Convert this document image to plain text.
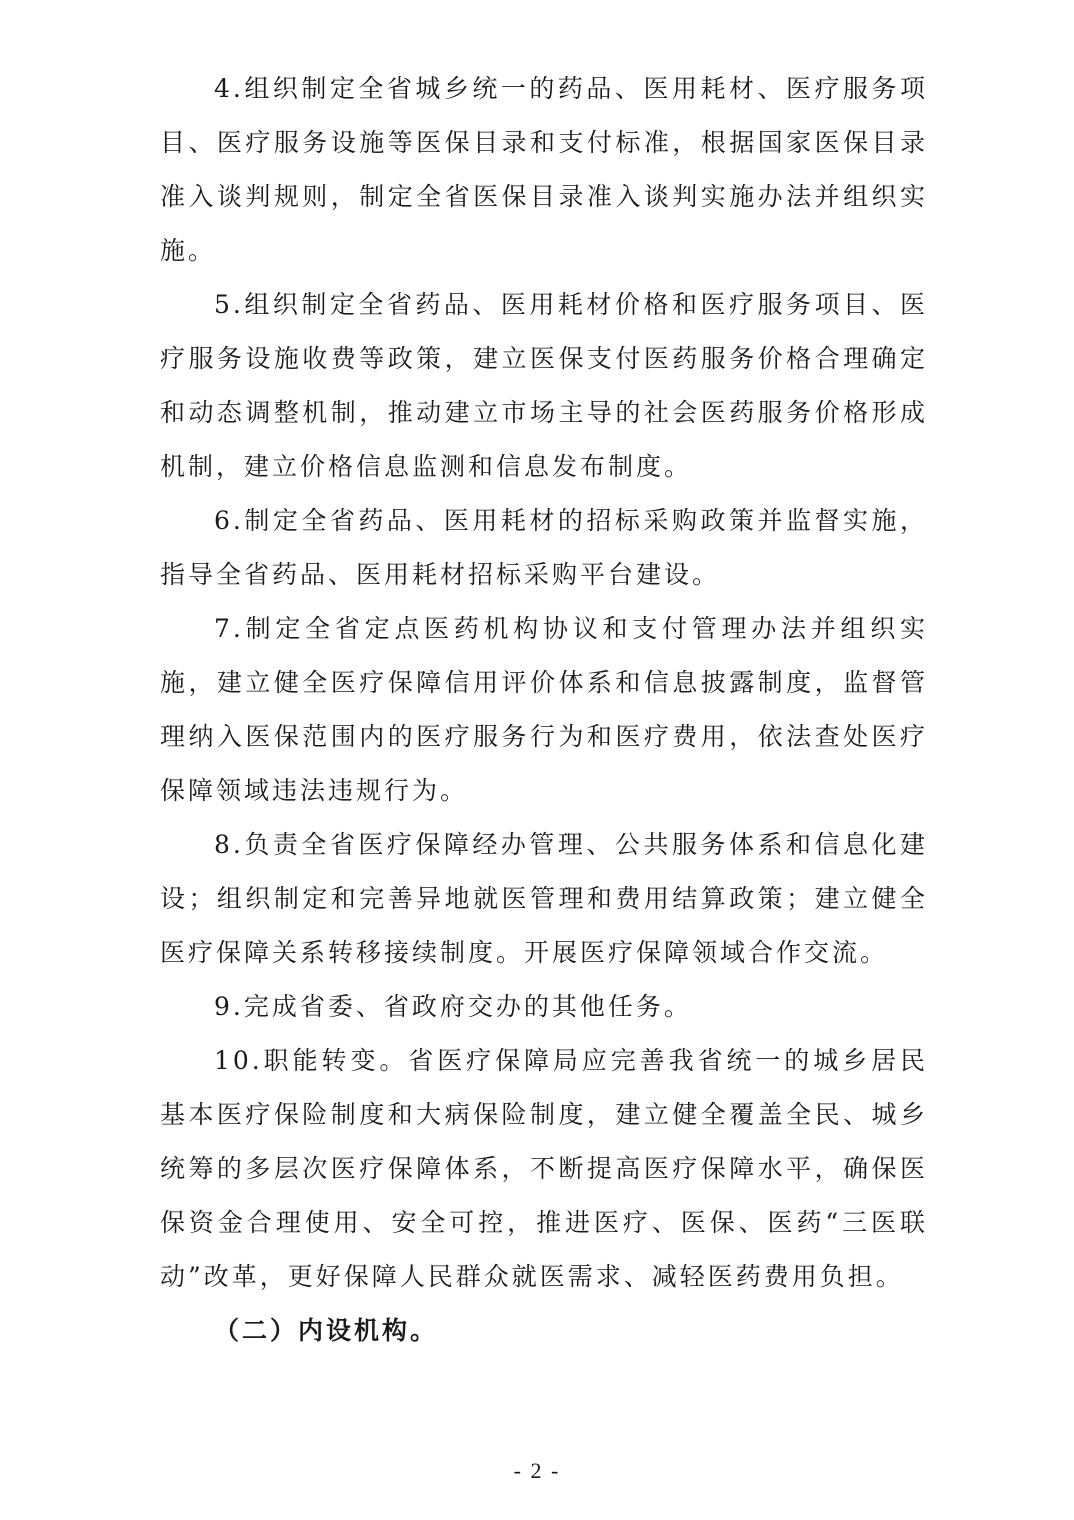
4.组织制定全省城乡统一的药品、医用耗材、医疗服务项目、医疗服务设施等医保目录和支付标准，根据国家医保目录准入谈判规则，制定全省医保目录准入谈判实施办法并组织实施。

5.组织制定全省药品、医用耗材价格和医疗服务项目、医疗服务设施收费等政策，建立医保支付医药服务价格合理确定和动态调整机制，推动建立市场主导的社会医药服务价格形成机制，建立价格信息监测和信息发布制度。

6.制定全省药品、医用耗材的招标采购政策并监督实施，指导全省药品、医用耗材招标采购平台建设。

7.制定全省定点医药机构协议和支付管理办法并组织实施，建立健全医疗保障信用评价体系和信息披露制度，监督管理纳入医保范围内的医疗服务行为和医疗费用，依法查处医疗保障领域违法违规行为。

8.负责全省医疗保障经办管理、公共服务体系和信息化建设；组织制定和完善异地就医管理和费用结算政策；建立健全医疗保障关系转移接续制度。开展医疗保障领域合作交流。

9.完成省委、省政府交办的其他任务。

10.职能转变。省医疗保障局应完善我省统一的城乡居民基本医疗保险制度和大病保险制度，建立健全覆盖全民、城乡统筹的多层次医疗保障体系，不断提高医疗保障水平，确保医保资金合理使用、安全可控，推进医疗、医保、医药“三医联动”改革，更好保障人民群众就医需求、减轻医药费用负担。

（二）内设机构。

- 2 -
